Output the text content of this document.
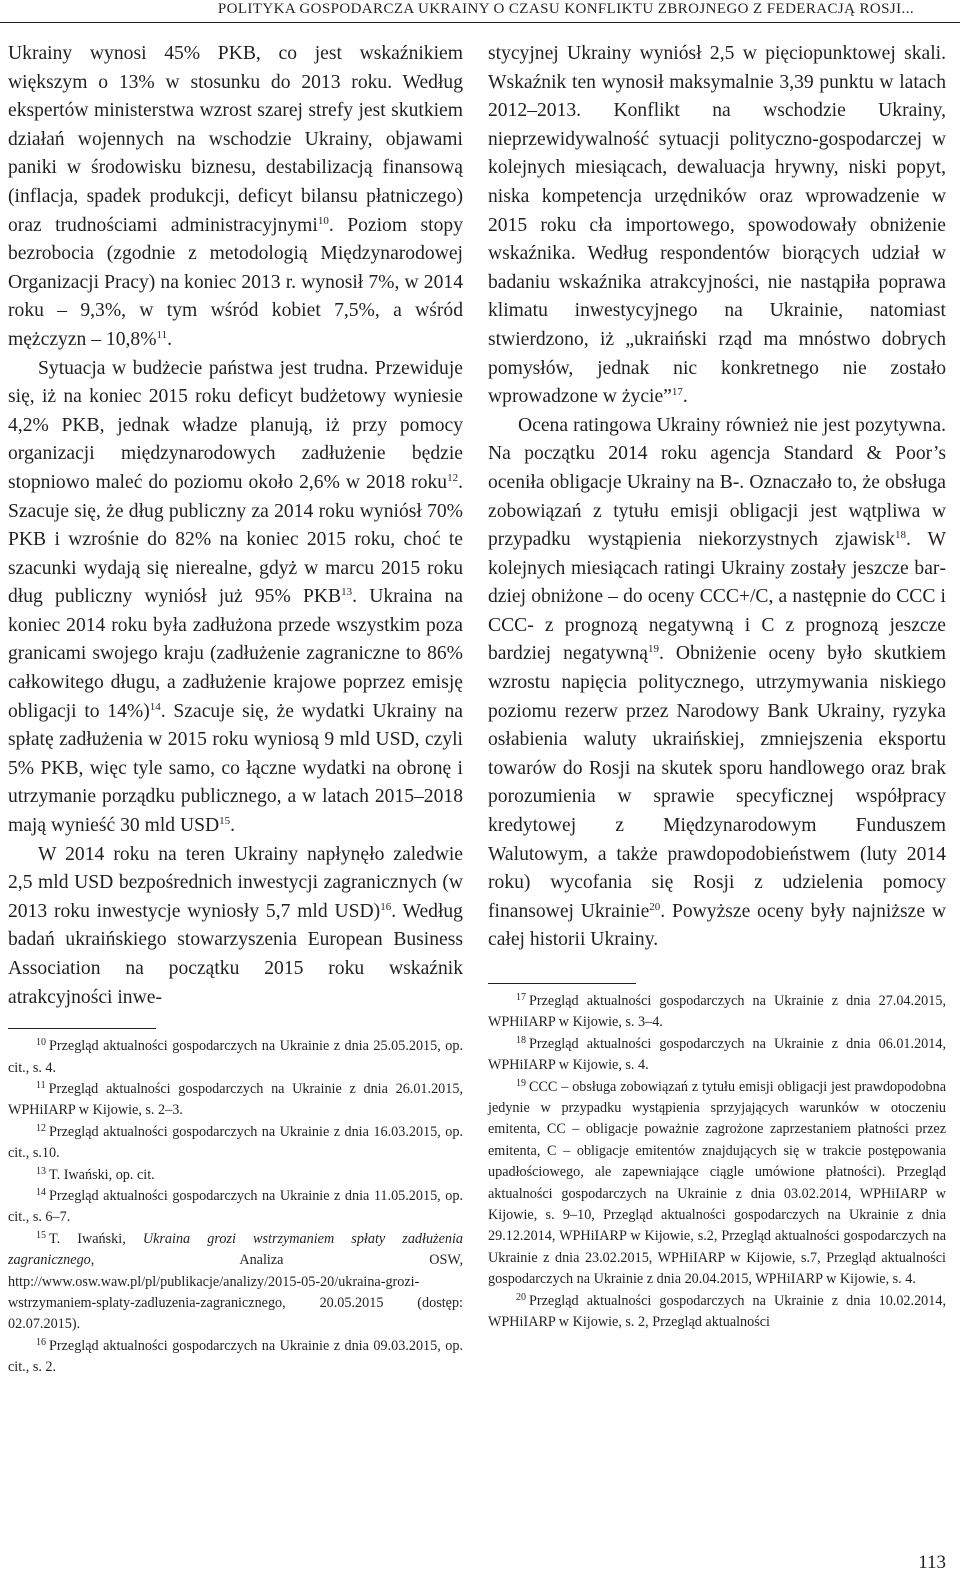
POLITYKA GOSPODARCZA UKRAINY O CZASU KONFLIKTU ZBROJNEGO Z FEDERACJĄ ROSJI...

Ukrainy wynosi 45% PKB, co jest wskaźnikiem większym o 13% w stosunku do 2013 roku. Według ekspertów ministerstwa wzrost szarej strefy jest skutkiem działań wojennych na wschodzie Ukrainy, objawami paniki w środowisku biznesu, destabilizacją finansową (inflacja, spadek produkcji, deficyt bilansu płatniczego) oraz trudnościami administracyjnymi$^{10}$. Poziom stopy bezrobocia (zgodnie z metodologią Międzynarodowej Organizacji Pracy) na koniec 2013 r. wynosił 7%, w 2014 roku – 9,3%, w tym wśród kobiet 7,5%, a wśród mężczyzn – 10,8%$^{11}$.

Sytuacja w budżecie państwa jest trudna. Przewiduje się, iż na koniec 2015 roku deficyt budżetowy wyniesie 4,2% PKB, jednak władze planują, iż przy pomocy organizacji międzynarodowych zadłużenie będzie stopniowo maleć do poziomu około 2,6% w 2018 roku$^{12}$. Szacuje się, że dług publiczny za 2014 roku wyniósł 70% PKB i wzrośnie do 82% na koniec 2015 roku, choć te szacunki wydają się nierealne, gdyż w marcu 2015 roku dług publiczny wyniósł już 95% PKB$^{13}$. Ukraina na koniec 2014 roku była zadłużona przede wszystkim poza granicami swojego kraju (zadłużenie zagraniczne to 86% całkowitego długu, a zadłużenie krajowe poprzez emisję obligacji to 14%)$^{14}$. Szacuje się, że wydatki Ukrainy na spłatę zadłużenia w 2015 roku wyniosą 9 mld USD, czyli 5% PKB, więc tyle samo, co łączne wydatki na obronę i utrzymanie porządku publicznego, a w latach 2015–2018 mają wynieść 30 mld USD$^{15}$.

W 2014 roku na teren Ukrainy napłynęło zaledwie 2,5 mld USD bezpośrednich inwestycji zagranicznych (w 2013 roku inwestycje wyniosły 5,7 mld USD)$^{16}$. Według badań ukraińskiego stowarzyszenia European Business Association na początku 2015 roku wskaźnik atrakcyjności inwe-

$^{10}$ Przegląd aktualności gospodarczych na Ukrainie z dnia 25.05.2015, op. cit., s. 4.

$^{11}$ Przegląd aktualności gospodarczych na Ukrainie z dnia 26.01.2015, WPHiIARP w Kijowie, s. 2–3.

$^{12}$ Przegląd aktualności gospodarczych na Ukrainie z dnia 16.03.2015, op. cit., s.10.

$^{13}$ T. Iwański, op. cit.

$^{14}$ Przegląd aktualności gospodarczych na Ukrainie z dnia 11.05.2015, op. cit., s. 6–7.

$^{15}$ T. Iwański, Ukraina grozi wstrzymaniem spłaty zadłużenia zagranicznego, Analiza OSW, http://www.osw.waw.pl/pl/publikacje/analizy/2015-05-20/ukraina-grozi-wstrzymaniem-splaty-zadluzenia-zagranicznego, 20.05.2015 (dostęp: 02.07.2015).

$^{16}$ Przegląd aktualności gospodarczych na Ukrainie z dnia 09.03.2015, op. cit., s. 2.

stycyjnej Ukrainy wyniósł 2,5 w pięciopunktowej skali. Wskaźnik ten wynosił maksymalnie 3,39 punktu w latach 2012–2013. Konflikt na wschodzie Ukrainy, nieprzewidywalność sytuacji polityczno-gospodarczej w kolejnych miesiącach, dewaluacja hrywny, niski popyt, niska kompetencja urzędników oraz wprowadzenie w 2015 roku cła importowego, spowodowały obniżenie wskaźnika. Według respondentów biorących udział w badaniu wskaźnika atrakcyjności, nie nastąpiła poprawa klimatu inwestycyjnego na Ukrainie, natomiast stwierdzono, iż „ukraiński rząd ma mnóstwo dobrych pomysłów, jednak nic konkretnego nie zostało wprowadzone w życie”$^{17}$.

Ocena ratingowa Ukrainy również nie jest pozytywna. Na początku 2014 roku agencja Standard & Poor’s oceniła obligacje Ukrainy na B-. Oznaczało to, że obsługa zobowiązań z tytułu emisji obligacji jest wątpliwa w przypadku wystąpienia niekorzystnych zjawisk$^{18}$. W kolejnych miesiącach ratingi Ukrainy zostały jeszcze bardziej obniżone – do oceny CCC+/C, a następnie do CCC i CCC- z prognozą negatywną i C z prognozą jeszcze bardziej negatywną$^{19}$. Obniżenie oceny było skutkiem wzrostu napięcia politycznego, utrzymywania niskiego poziomu rezerw przez Narodowy Bank Ukrainy, ryzyka osłabienia waluty ukraińskiej, zmniejszenia eksportu towarów do Rosji na skutek sporu handlowego oraz brak porozumienia w sprawie specyficznej współpracy kredytowej z Międzynarodowym Funduszem Walutowym, a także prawdopodobieństwem (luty 2014 roku) wycofania się Rosji z udzielenia pomocy finansowej Ukrainie$^{20}$. Powyższe oceny były najniższe w całej historii Ukrainy.

$^{17}$ Przegląd aktualności gospodarczych na Ukrainie z dnia 27.04.2015, WPHiIARP w Kijowie, s. 3–4.

$^{18}$ Przegląd aktualności gospodarczych na Ukrainie z dnia 06.01.2014, WPHiIARP w Kijowie, s. 4.

$^{19}$ CCC – obsługa zobowiązań z tytułu emisji obligacji jest prawdopodobna jedynie w przypadku wystąpienia sprzyjających warunków w otoczeniu emitenta, CC – obligacje poważnie zagrożone zaprzestaniem płatności przez emitenta, C – obligacje emitentów znajdujących się w trakcie postępowania upadłościowego, ale zapewniające ciągle umówione płatności). Przegląd aktualności gospodarczych na Ukrainie z dnia 03.02.2014, WPHiIARP w Kijowie, s. 9–10, Przegląd aktualności gospodarczych na Ukrainie z dnia 29.12.2014, WPHiIARP w Kijowie, s.2, Przegląd aktualności gospodarczych na Ukrainie z dnia 23.02.2015, WPHiIARP w Kijowie, s.7, Przegląd aktualności gospodarczych na Ukrainie z dnia 20.04.2015, WPHiIARP w Kijowie, s. 4.

$^{20}$ Przegląd aktualności gospodarczych na Ukrainie z dnia 10.02.2014, WPHiIARP w Kijowie, s. 2, Przegląd aktualności

113
